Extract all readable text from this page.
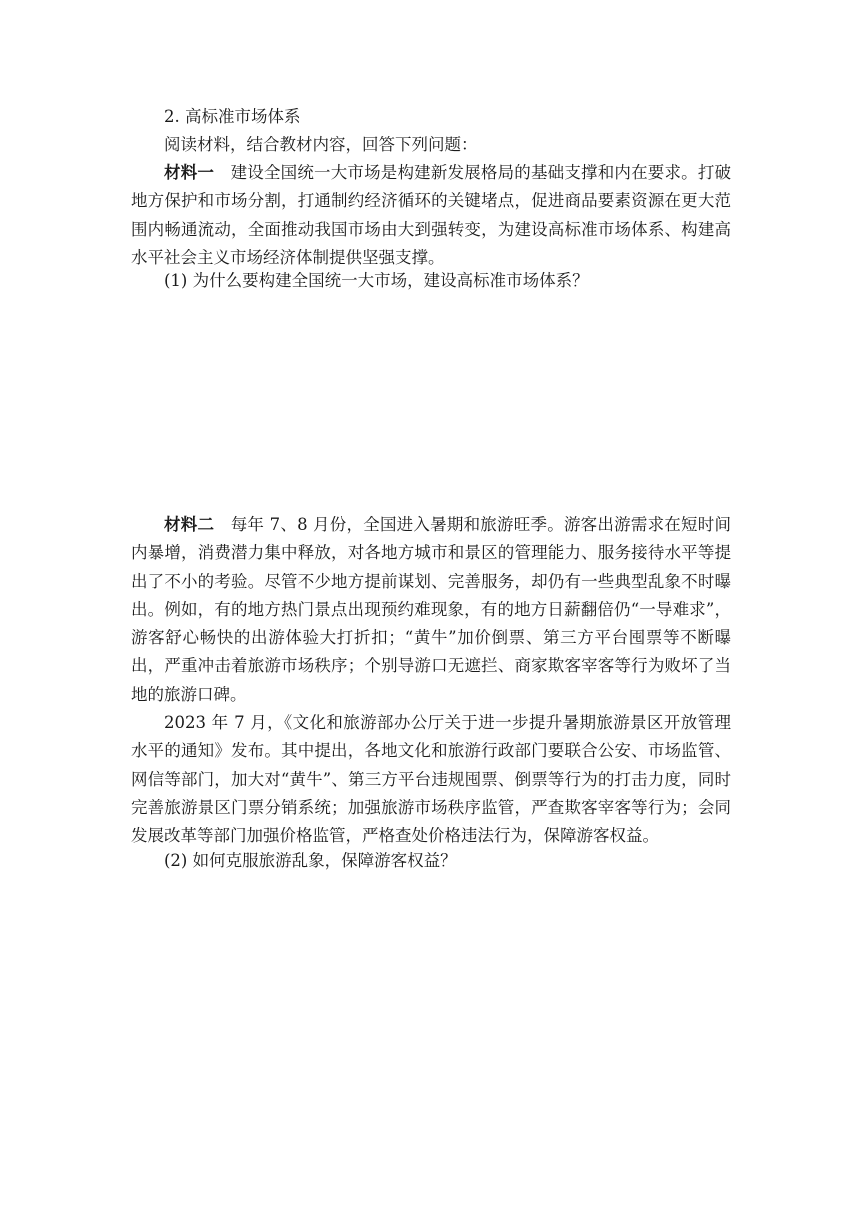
2. 高标准市场体系
阅读材料，结合教材内容，回答下列问题：
材料一 建设全国统一大市场是构建新发展格局的基础支撑和内在要求。打破地方保护和市场分割，打通制约经济循环的关键堵点，促进商品要素资源在更大范围内畅通流动，全面推动我国市场由大到强转变，为建设高标准市场体系、构建高水平社会主义市场经济体制提供坚强支撑。
(1) 为什么要构建全国统一大市场，建设高标准市场体系？
材料二 每年 7、8 月份，全国进入暑期和旅游旺季。游客出游需求在短时间内暴增，消费潜力集中释放，对各地方城市和景区的管理能力、服务接待水平等提出了不小的考验。尽管不少地方提前谋划、完善服务，却仍有一些典型乱象不时曝出。例如，有的地方热门景点出现预约难现象，有的地方日薪翻倍仍“一导难求”，游客舒心畅快的出游体验大打折扣；“黄牛”加价倒票、第三方平台囤票等不断曝出，严重冲击着旅游市场秩序；个别导游口无遮拦、商家欺客宰客等行为败坏了当地的旅游口碑。
2023 年 7 月，《文化和旅游部办公厅关于进一步提升暑期旅游景区开放管理水平的通知》发布。其中提出，各地文化和旅游行政部门要联合公安、市场监管、网信等部门，加大对“黄牛”、第三方平台违规囤票、倒票等行为的打击力度，同时完善旅游景区门票分销系统；加强旅游市场秩序监管，严查欺客宰客等行为；会同发展改革等部门加强价格监管，严格查处价格违法行为，保障游客权益。
(2) 如何克服旅游乱象，保障游客权益？
